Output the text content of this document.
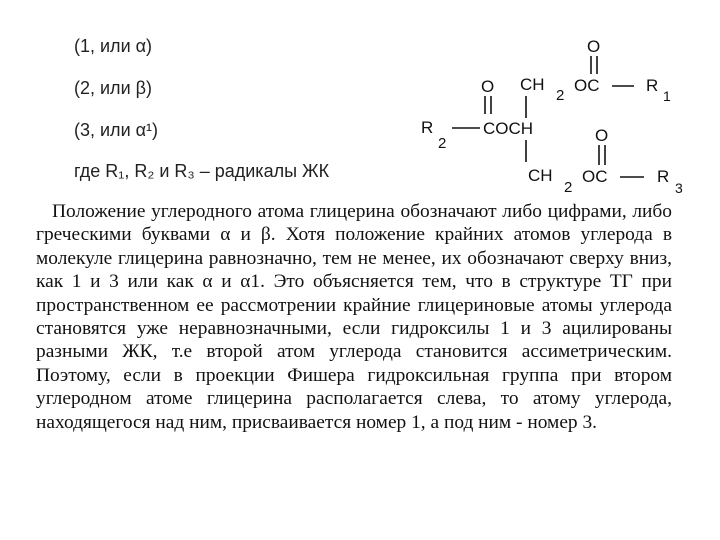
(1, или α)
(2, или β)
(3, или α¹)
где R₁, R₂ и R₃ – радикалы ЖК
O
O CH
2
OC	R
1
R
2
COCH	O
CH
2
OC	R
3
Положение углеродного атома глицерина обозначают либо цифрами, либо греческими буквами α и β. Хотя положение крайних атомов углерода в молекуле глицерина равнозначно, тем не менее, их обозначают сверху вниз, как 1 и 3 или как α и α1. Это объясняется тем, что в структуре ТГ при пространственном ее рассмотрении крайние глицериновые атомы углерода становятся уже неравнозначными, если гидроксилы 1 и 3 ацилированы разными ЖК, т.е второй атом углерода становится ассиметрическим. Поэтому, если в проекции Фишера гидроксильная группа при втором углеродном атоме глицерина располагается слева, то атому углерода, находящегося над ним, присваивается номер 1, а под ним - номер 3.
